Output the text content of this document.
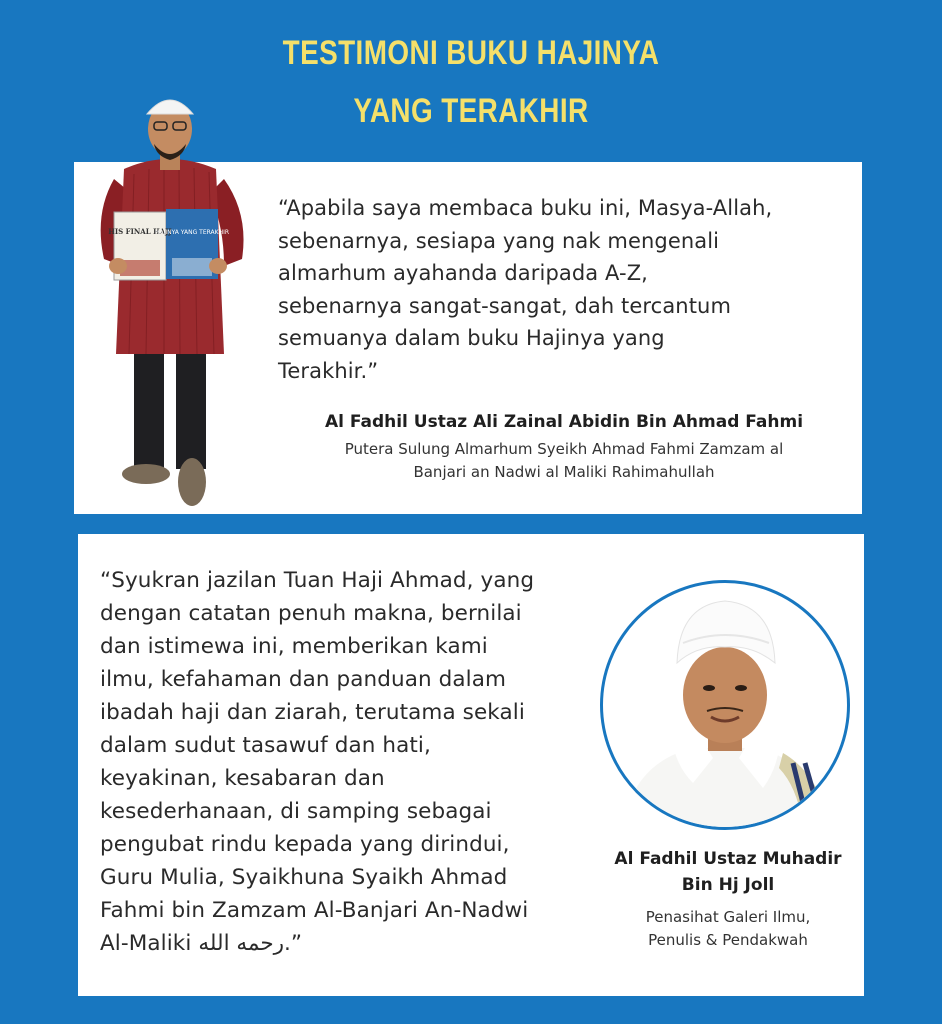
TESTIMONI BUKU HAJINYA
YANG TERAKHIR
HIS FINAL HAJJ
HAJINYA YANG TERAKHIR
“Apabila saya membaca buku ini, Masya-Allah,
sebenarnya, sesiapa yang nak mengenali
almarhum ayahanda daripada A-Z,
sebenarnya sangat-sangat, dah tercantum
semuanya dalam buku Hajinya yang
Terakhir.”
Al Fadhil Ustaz Ali Zainal Abidin Bin Ahmad Fahmi
Putera Sulung Almarhum Syeikh Ahmad Fahmi Zamzam al
Banjari an Nadwi al Maliki Rahimahullah
“Syukran jazilan Tuan Haji Ahmad, yang
dengan catatan penuh makna, bernilai
dan istimewa ini, memberikan kami
ilmu, kefahaman dan panduan dalam
ibadah haji dan ziarah, terutama sekali
dalam sudut tasawuf dan hati,
keyakinan, kesabaran dan
kesederhanaan, di samping sebagai
pengubat rindu kepada yang dirindui,
Guru Mulia, Syaikhuna Syaikh Ahmad
Fahmi bin Zamzam Al-Banjari An-Nadwi
Al-Maliki رحمه الله.”
Al Fadhil Ustaz Muhadir
Bin Hj Joll
Penasihat Galeri Ilmu,
Penulis & Pendakwah
